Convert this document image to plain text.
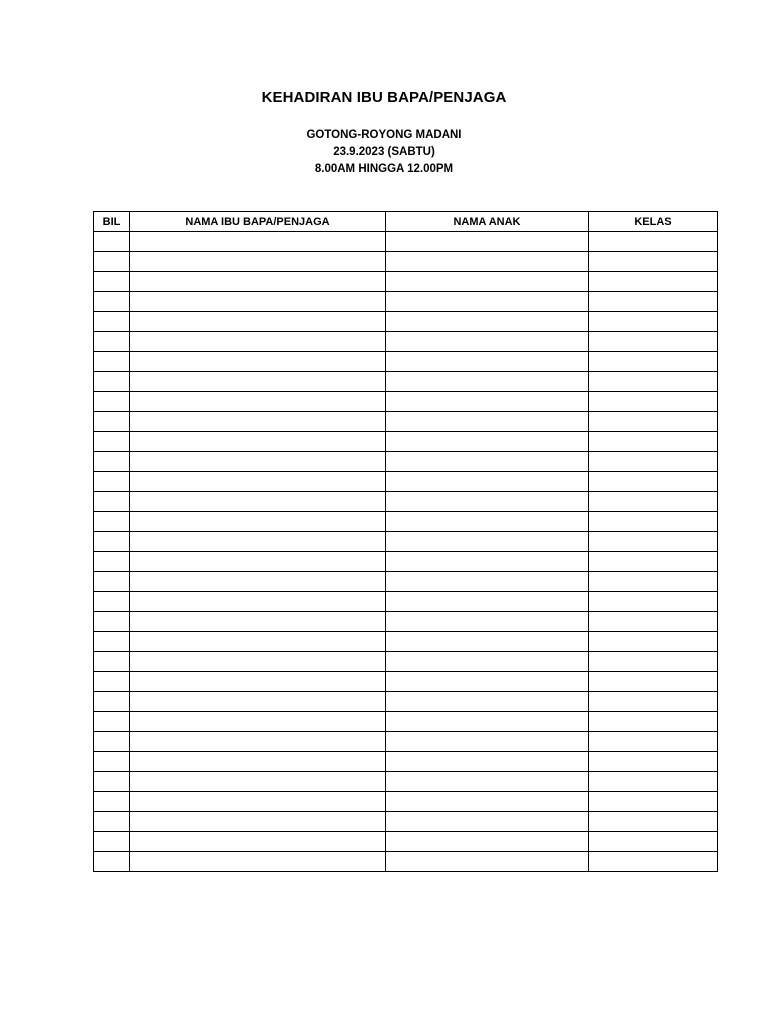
KEHADIRAN IBU BAPA/PENJAGA
GOTONG-ROYONG MADANI
23.9.2023 (SABTU)
8.00AM HINGGA 12.00PM
BIL	NAMA IBU BAPA/PENJAGA	NAMA ANAK	KELAS
